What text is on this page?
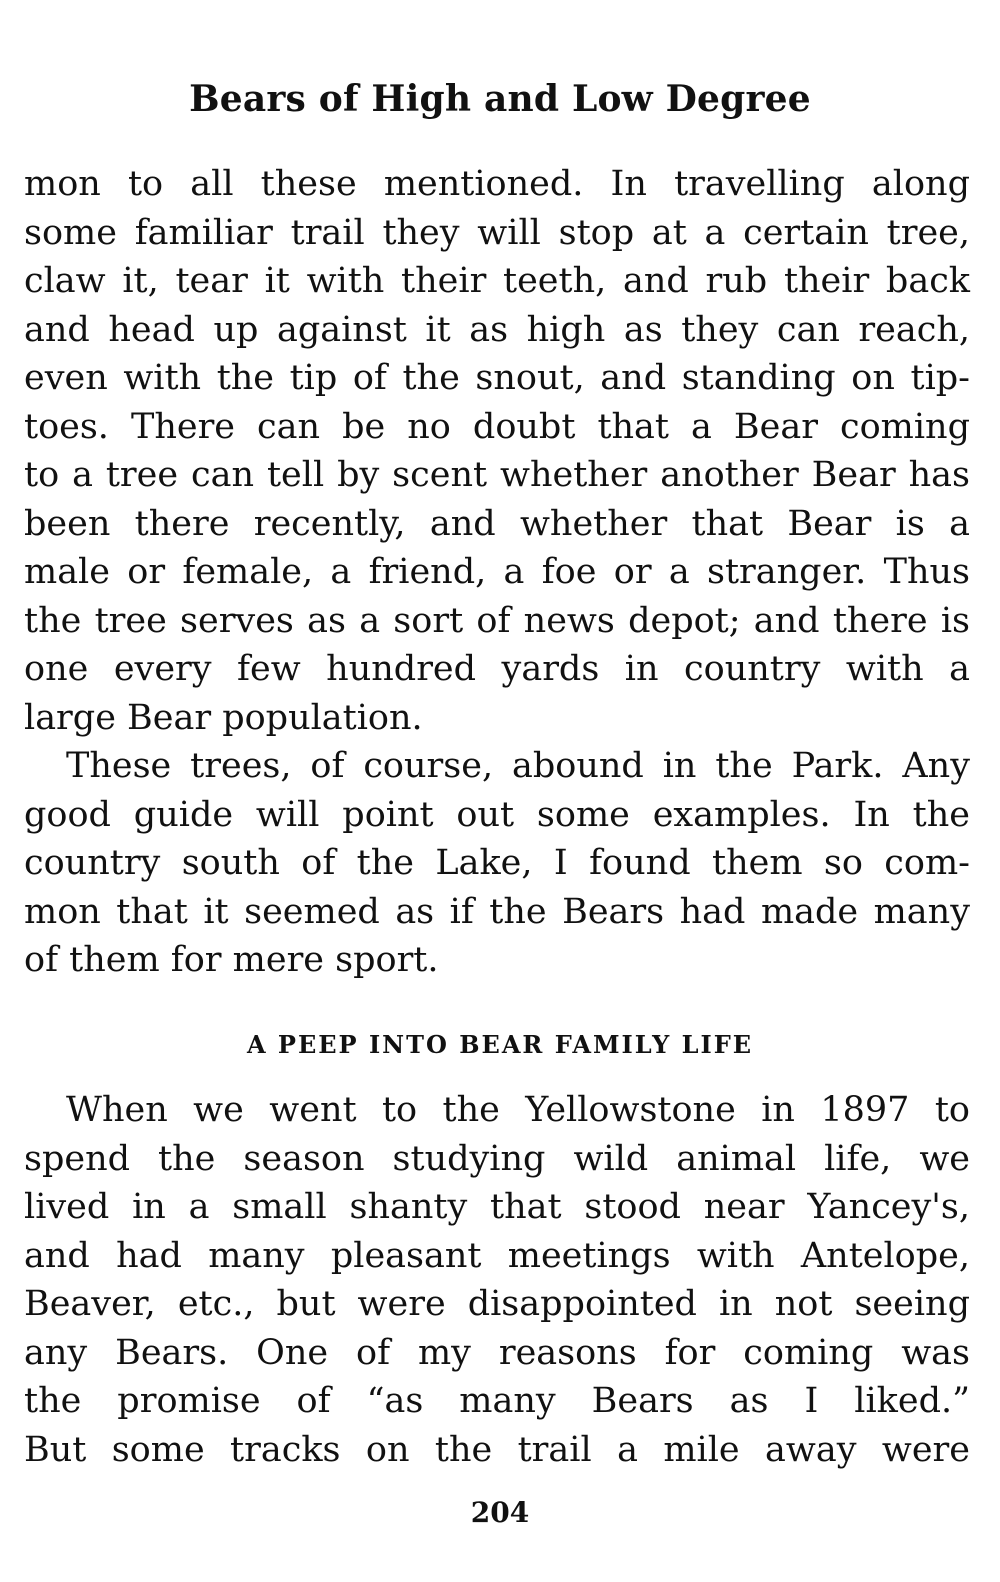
Bears of High and Low Degree
mon to all these mentioned. In travelling along
some familiar trail they will stop at a certain tree,
claw it, tear it with their teeth, and rub their back
and head up against it as high as they can reach,
even with the tip of the snout, and standing on tip-
toes. There can be no doubt that a Bear coming
to a tree can tell by scent whether another Bear has
been there recently, and whether that Bear is a
male or female, a friend, a foe or a stranger. Thus
the tree serves as a sort of news depot; and there is
one every few hundred yards in country with a
large Bear population.
These trees, of course, abound in the Park. Any
good guide will point out some examples. In the
country south of the Lake, I found them so com-
mon that it seemed as if the Bears had made many
of them for mere sport.
A PEEP INTO BEAR FAMILY LIFE
When we went to the Yellowstone in 1897 to
spend the season studying wild animal life, we
lived in a small shanty that stood near Yancey's,
and had many pleasant meetings with Antelope,
Beaver, etc., but were disappointed in not seeing
any Bears. One of my reasons for coming was
the promise of “as many Bears as I liked.”
But some tracks on the trail a mile away were
204
